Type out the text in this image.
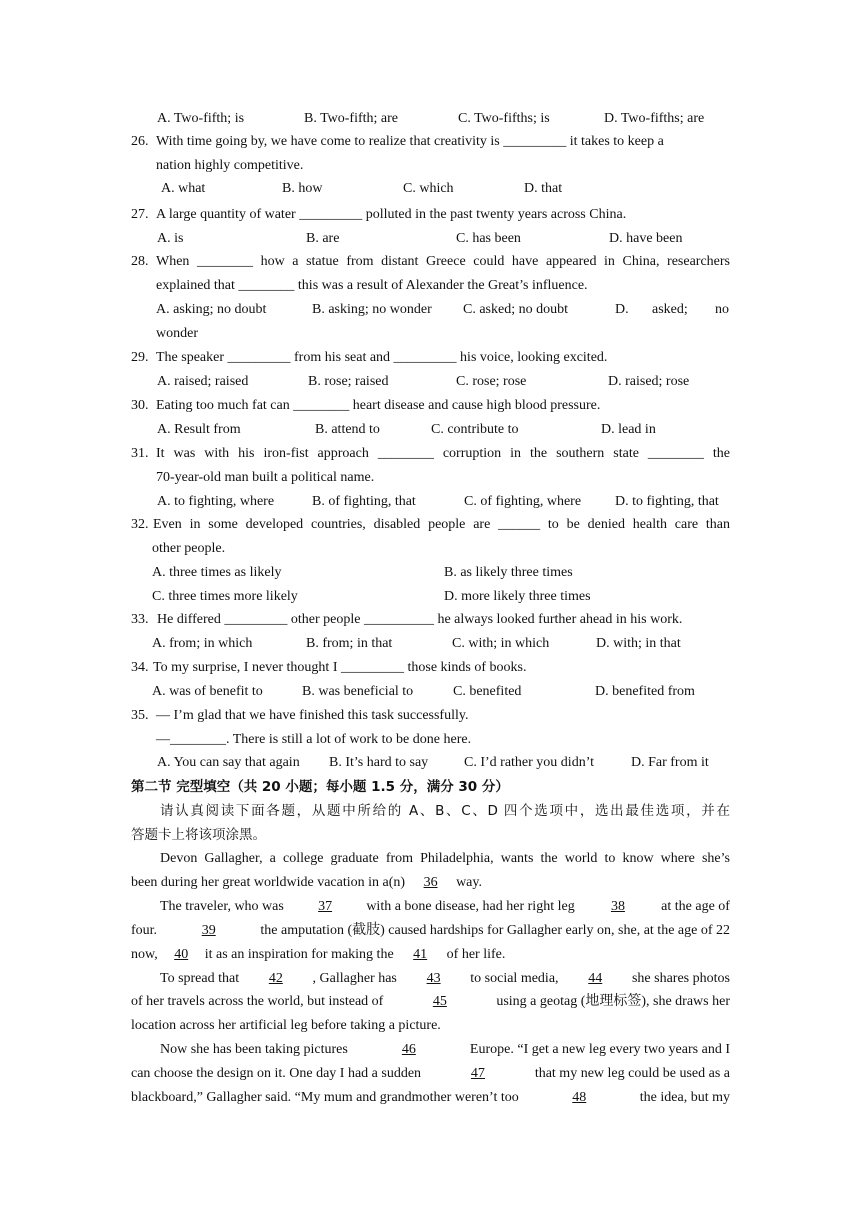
A. Two-fifth; is	B. Two-fifth; are	C. Two-fifths; is	D. Two-fifths; are
26. With time going by, we have come to realize that creativity is _________ it takes to keep a
nation highly competitive.
A. what	B. how	C. which	D. that
27. A large quantity of water _________ polluted in the past twenty years across China.
A. is	B. are	C. has been	D. have been
28. When ________ how a statue from distant Greece could have appeared in China, researchers
explained that ________ this was a result of Alexander the Great’s influence.
A. asking; no doubt	B. asking; no wonder C. asked; no doubt	D. asked; no
wonder
29. The speaker _________ from his seat and _________ his voice, looking excited.
A. raised; raised	B. rose; raised	C. rose; rose	D. raised; rose
30. Eating too much fat can ________ heart disease and cause high blood pressure.
A. Result from	B. attend to	C. contribute to	D. lead in
31. It was with his iron-fist approach ________ corruption in the southern state ________ the
70-year-old man built a political name.
A. to fighting, where	B. of fighting, that	C. of fighting, where D. to fighting, that
32. Even in some developed countries, disabled people are ______ to be denied health care than
other people.
A. three times as likely	B. as likely three times
C. three times more likely	D. more likely three times
33. He differed _________ other people __________ he always looked further ahead in his work.
A. from; in which	B. from; in that	C. with; in which	D. with; in that
34. To my surprise, I never thought I _________ those kinds of books.
A. was of benefit to	B. was beneficial to	C. benefited	D. benefited from
35. — I’m glad that we have finished this task successfully.
—________. There is still a lot of work to be done here.
A. You can say that again B. It’s hard to say	C. I’d rather you didn’t	D. Far from it
第二节 完型填空（共 20 小题；每小题 1.5 分，满分 30 分）
请认真阅读下面各题，从题中所给的 A、B、C、D 四个选项中，选出最佳选项，并在
答题卡上将该项涂黑。
Devon Gallagher, a college graduate from Philadelphia, wants the world to know where she’s
been during her great worldwide vacation in a(n) 36 way.
The traveler, who was	37	with a bone disease, had her right leg	38	at the age of
four.	39	the amputation (截肢) caused hardships for Gallagher early on, she, at the age of 22
now, 40 it as an inspiration for making the 41 of her life.
To spread that	42	, Gallagher has	43	to social media,	44	she shares photos
of her travels across the world, but instead of	45	using a geotag (地理标签), she draws her
location across her artificial leg before taking a picture.
Now she has been taking pictures	46	Europe. “I get a new leg every two years and I
can choose the design on it. One day I had a sudden	47	that my new leg could be used as a
blackboard,” Gallagher said. “My mum and grandmother weren’t too	48	the idea, but my
